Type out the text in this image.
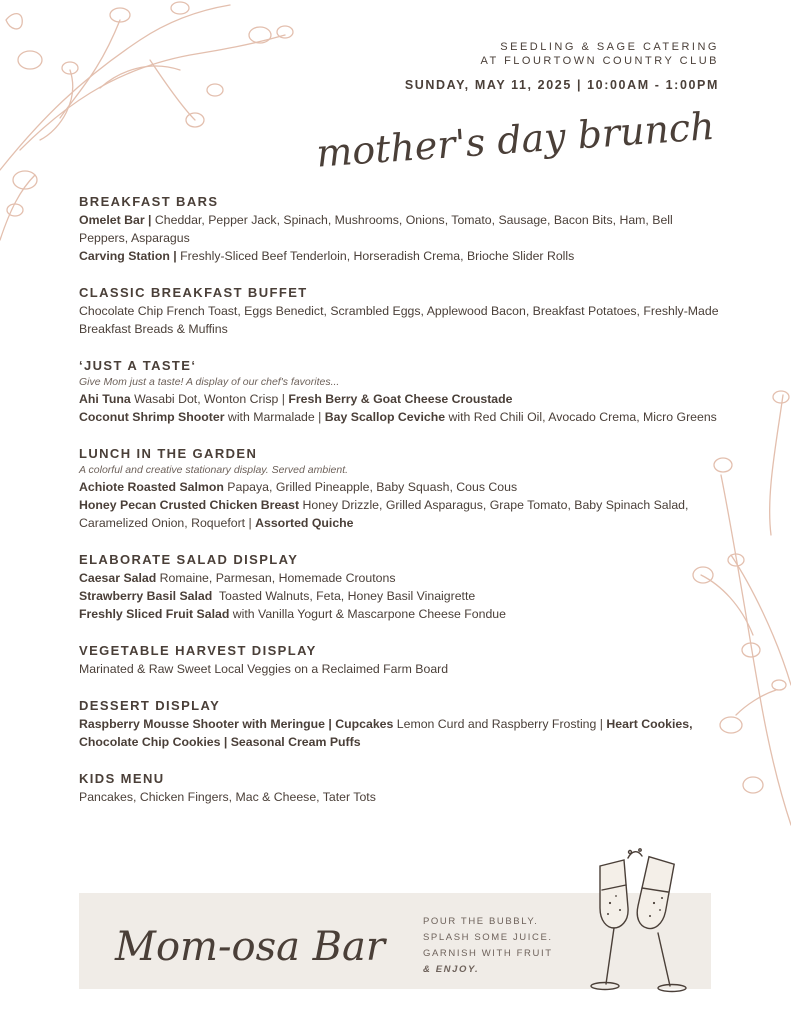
SEEDLING & SAGE CATERING
AT FLOURTOWN COUNTRY CLUB
SUNDAY, MAY 11, 2025 | 10:00AM - 1:00PM
mother's day brunch
BREAKFAST BARS
Omelet Bar | Cheddar, Pepper Jack, Spinach, Mushrooms, Onions, Tomato, Sausage, Bacon Bits, Ham, Bell Peppers, Asparagus
Carving Station | Freshly-Sliced Beef Tenderloin, Horseradish Crema, Brioche Slider Rolls
CLASSIC BREAKFAST BUFFET
Chocolate Chip French Toast, Eggs Benedict, Scrambled Eggs, Applewood Bacon, Breakfast Potatoes, Freshly-Made Breakfast Breads & Muffins
‘JUST A TASTE‘
Give Mom just a taste! A display of our chef's favorites...
Ahi Tuna Wasabi Dot, Wonton Crisp | Fresh Berry & Goat Cheese Croustade
Coconut Shrimp Shooter with Marmalade | Bay Scallop Ceviche with Red Chili Oil, Avocado Crema, Micro Greens
LUNCH IN THE GARDEN
A colorful and creative stationary display. Served ambient.
Achiote Roasted Salmon Papaya, Grilled Pineapple, Baby Squash, Cous Cous
Honey Pecan Crusted Chicken Breast Honey Drizzle, Grilled Asparagus, Grape Tomato, Baby Spinach Salad, Caramelized Onion, Roquefort | Assorted Quiche
ELABORATE SALAD DISPLAY
Caesar Salad Romaine, Parmesan, Homemade Croutons
Strawberry Basil Salad  Toasted Walnuts, Feta, Honey Basil Vinaigrette
Freshly Sliced Fruit Salad with Vanilla Yogurt & Mascarpone Cheese Fondue
VEGETABLE HARVEST DISPLAY
Marinated & Raw Sweet Local Veggies on a Reclaimed Farm Board
DESSERT DISPLAY
Raspberry Mousse Shooter with Meringue | Cupcakes Lemon Curd and Raspberry Frosting | Heart Cookies, Chocolate Chip Cookies | Seasonal Cream Puffs
KIDS MENU
Pancakes, Chicken Fingers, Mac & Cheese, Tater Tots
Mom-osa Bar
POUR THE BUBBLY.
SPLASH SOME JUICE.
GARNISH WITH FRUIT
& ENJOY.
